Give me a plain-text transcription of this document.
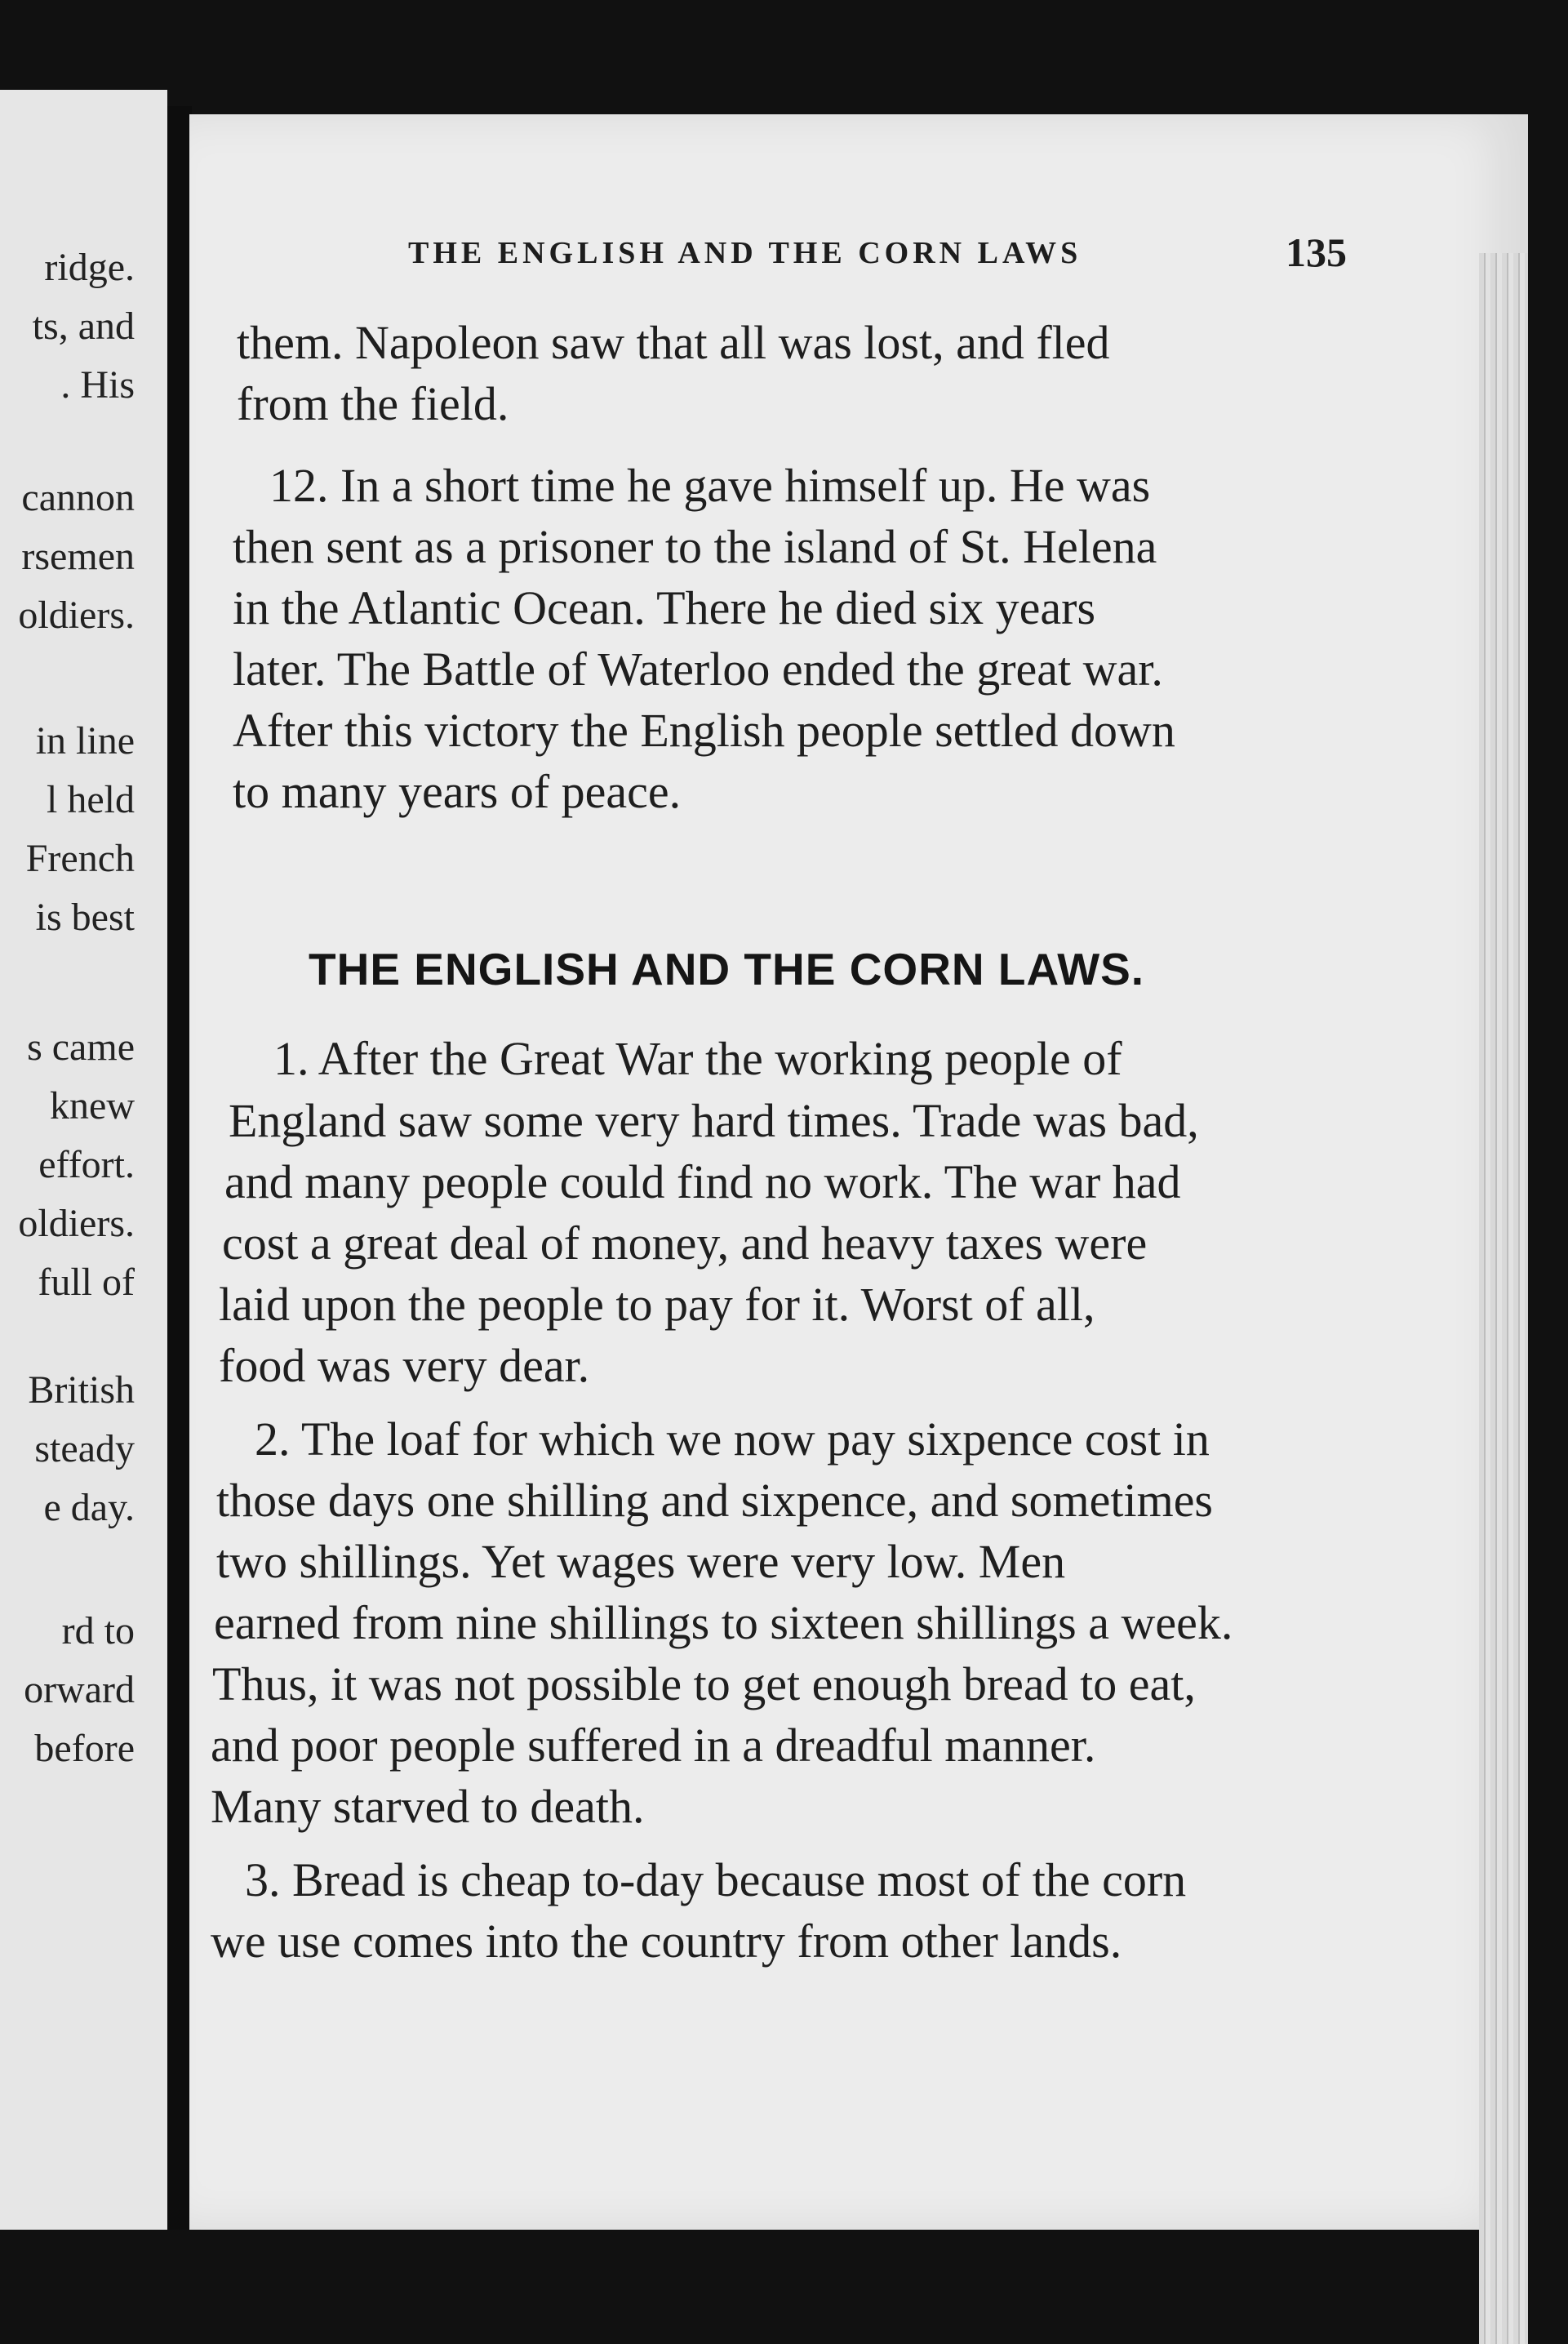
ridge.
ts, and
. His
cannon
rsemen
oldiers.
in line
l held
French
is best
s came
knew
effort.
oldiers.
full of
British
steady
e day.
rd to
orward
before
THE ENGLISH AND THE CORN LAWS	135
THE ENGLISH AND THE CORN LAWS.
them. Napoleon saw that all was lost, and fled
from the field.
12. In a short time he gave himself up. He was
then sent as a prisoner to the island of St. Helena
in the Atlantic Ocean. There he died six years
later. The Battle of Waterloo ended the great war.
After this victory the English people settled down
to many years of peace.
1. After the Great War the working people of
England saw some very hard times. Trade was bad,
and many people could find no work. The war had
cost a great deal of money, and heavy taxes were
laid upon the people to pay for it. Worst of all,
food was very dear.
2. The loaf for which we now pay sixpence cost in
those days one shilling and sixpence, and sometimes
two shillings. Yet wages were very low. Men
earned from nine shillings to sixteen shillings a week.
Thus, it was not possible to get enough bread to eat,
and poor people suffered in a dreadful manner.
Many starved to death.
3. Bread is cheap to-day because most of the corn
we use comes into the country from other lands.
